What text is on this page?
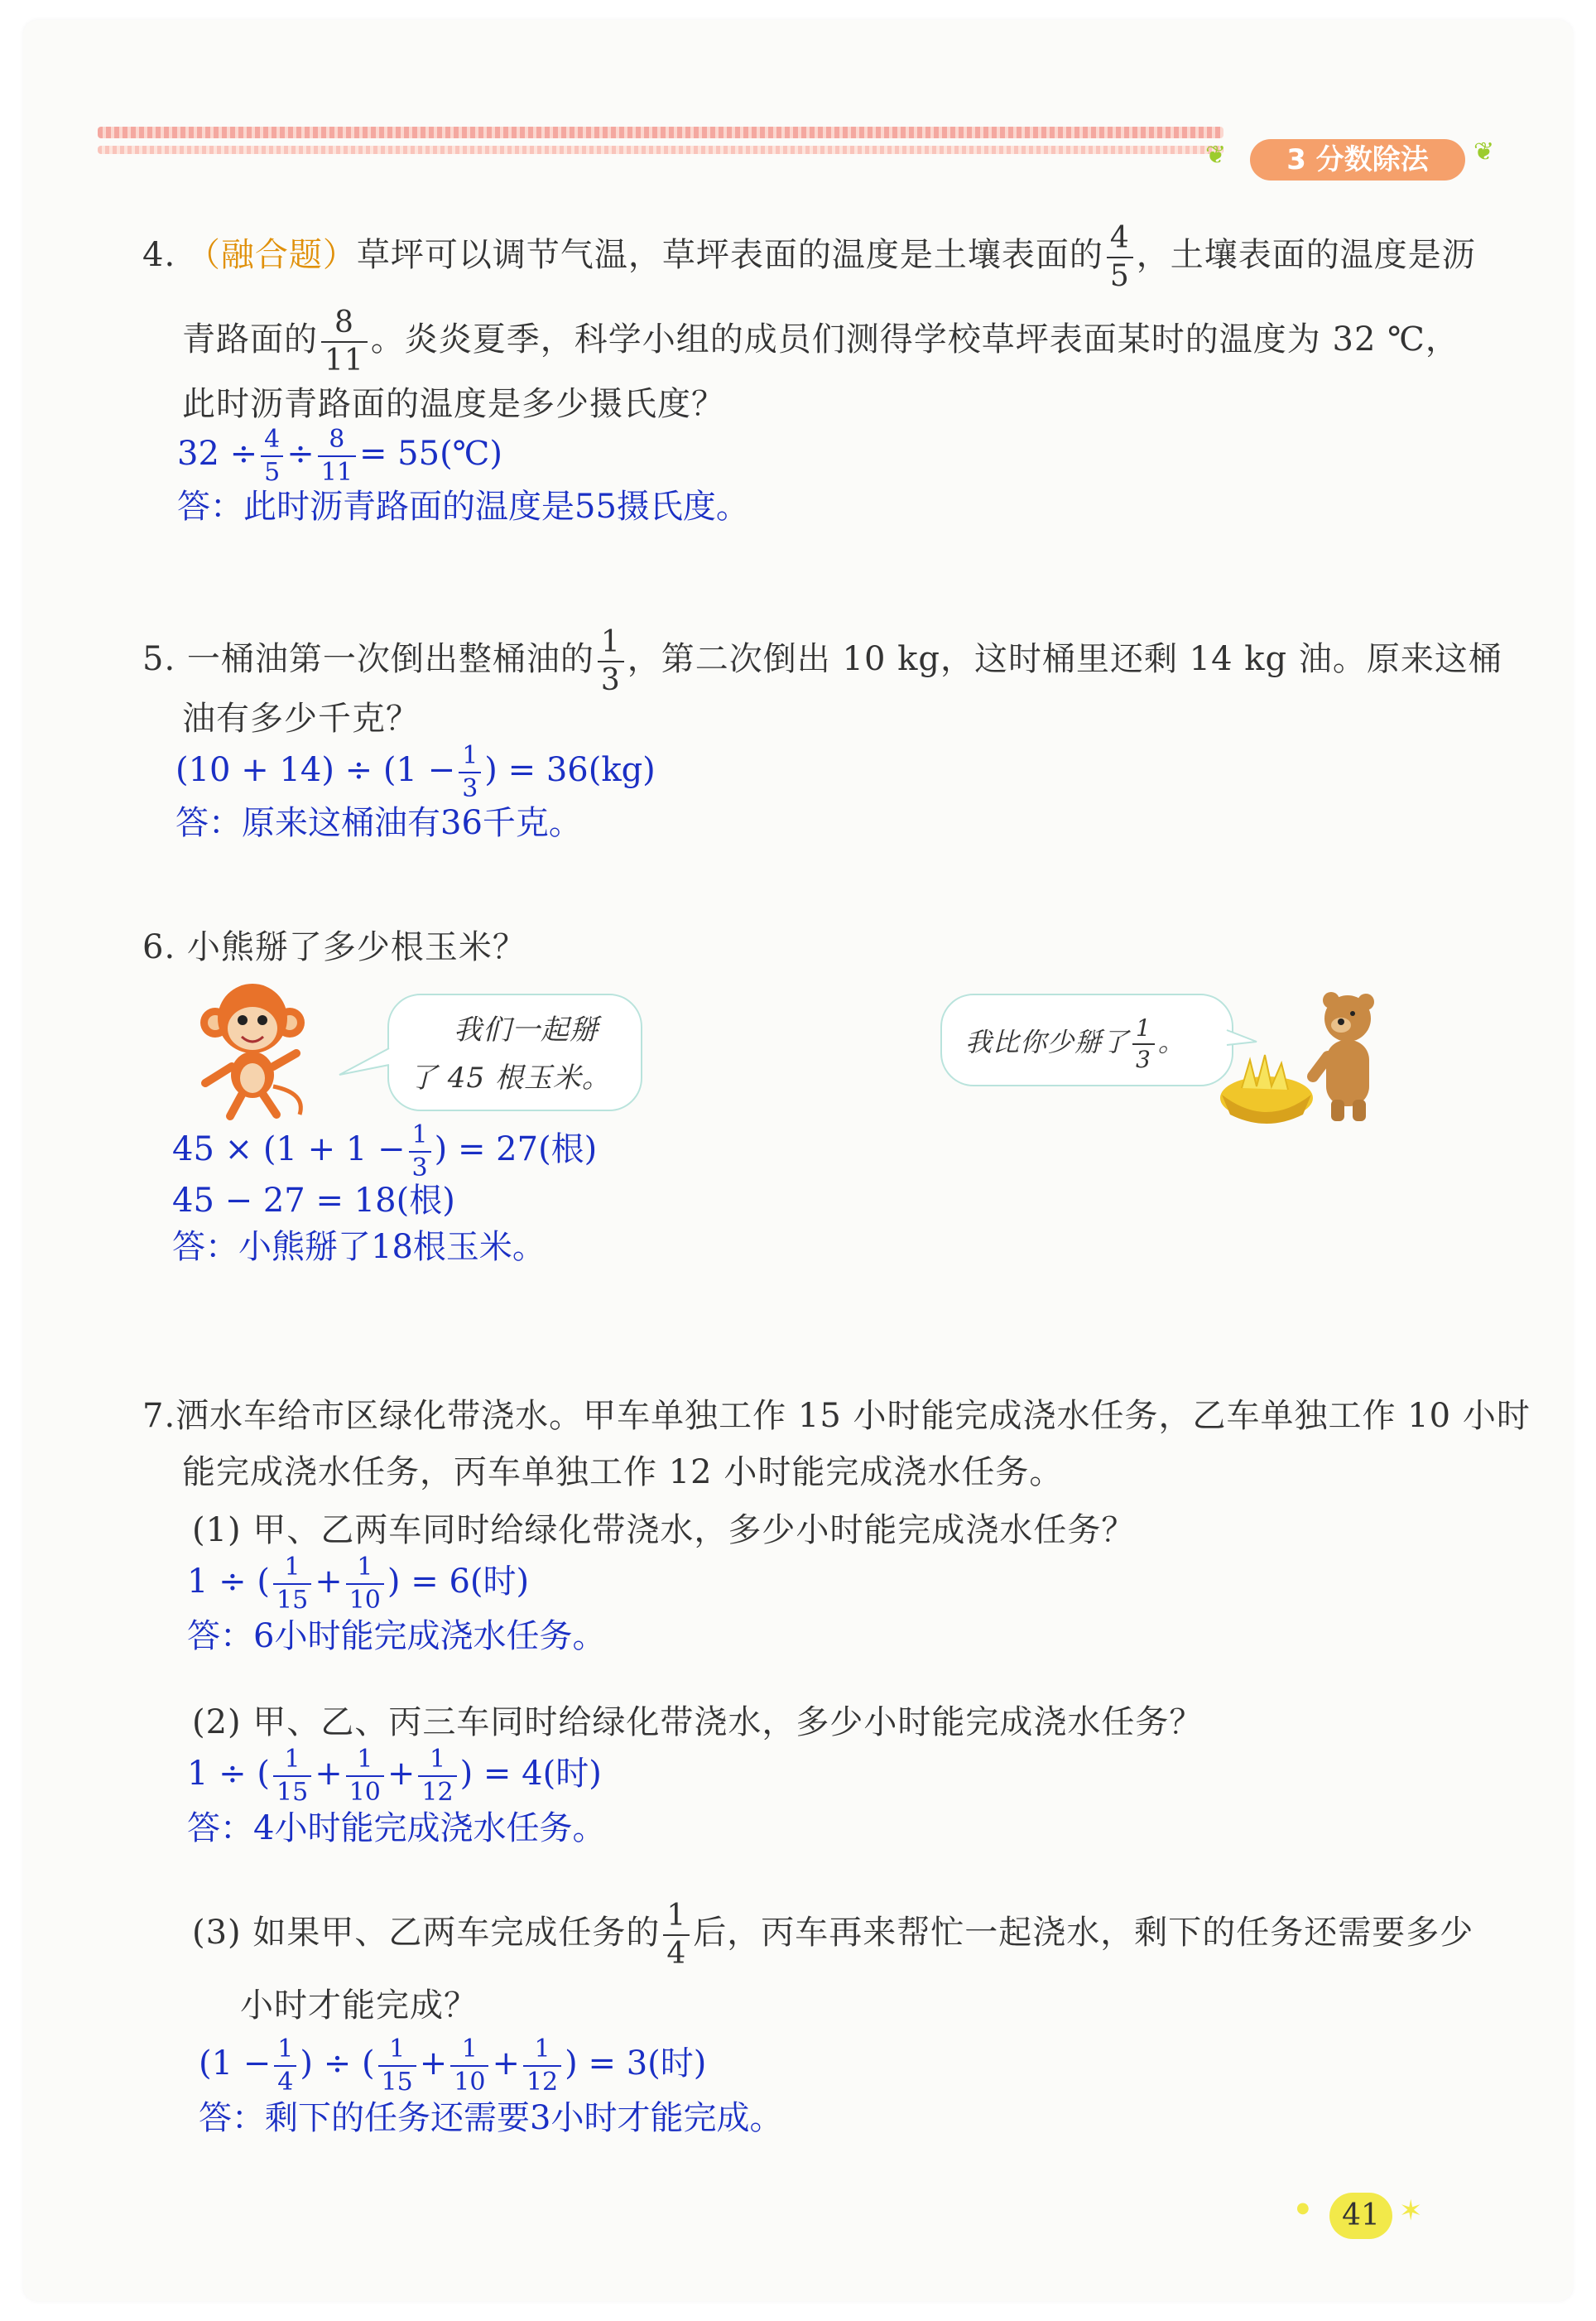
❦	3 分数除法	❦
4. （融合题）草坪可以调节气温，草坪表面的温度是土壤表面的 $\frac{4}{5}$ ，土壤表面的温度是沥
青路面的 $\frac{8}{11}$ 。炎炎夏季，科学小组的成员们测得学校草坪表面某时的温度为 32 ℃，
此时沥青路面的温度是多少摄氏度？
$32 \div \frac{4}{5} \div \frac{8}{11}$ = 55(℃)
答：此时沥青路面的温度是55摄氏度。
5. 一桶油第一次倒出整桶油的 $\frac{1}{3}$ ，第二次倒出 10 kg，这时桶里还剩 14 kg 油。原来这桶
油有多少千克？
$(10 + 14) \div (1 - \frac{1}{3}$ ) = 36(kg)
答：原来这桶油有36千克。
6. 小熊掰了多少根玉米？
我们一起掰
了 45 根玉米。
我比你少掰了 $\frac{1}{3}$ 。
$45 \times (1 + 1 - \frac{1}{3}$ ) = 27(根)
45 − 27 = 18(根)
答：小熊掰了18根玉米。
7.洒水车给市区绿化带浇水。甲车单独工作 15 小时能完成浇水任务，乙车单独工作 10 小时
能完成浇水任务，丙车单独工作 12 小时能完成浇水任务。
(1) 甲、乙两车同时给绿化带浇水，多少小时能完成浇水任务？
1 ÷ ( $\frac{1}{15} + \frac{1}{10}$ ) = 6(时)
答：6小时能完成浇水任务。
(2) 甲、乙、丙三车同时给绿化带浇水，多少小时能完成浇水任务？
1 ÷ ( $\frac{1}{15} + \frac{1}{10} + \frac{1}{12}$ ) = 4(时)
答：4小时能完成浇水任务。
(3) 如果甲、乙两车完成任务的 $\frac{1}{4}$ 后，丙车再来帮忙一起浇水，剩下的任务还需要多少
小时才能完成？
($1 - \frac{1}{4}$ ) ÷ ( $\frac{1}{15} + \frac{1}{10} + \frac{1}{12}$ ) = 3(时)
答：剩下的任务还需要3小时才能完成。
●	41 ✶
